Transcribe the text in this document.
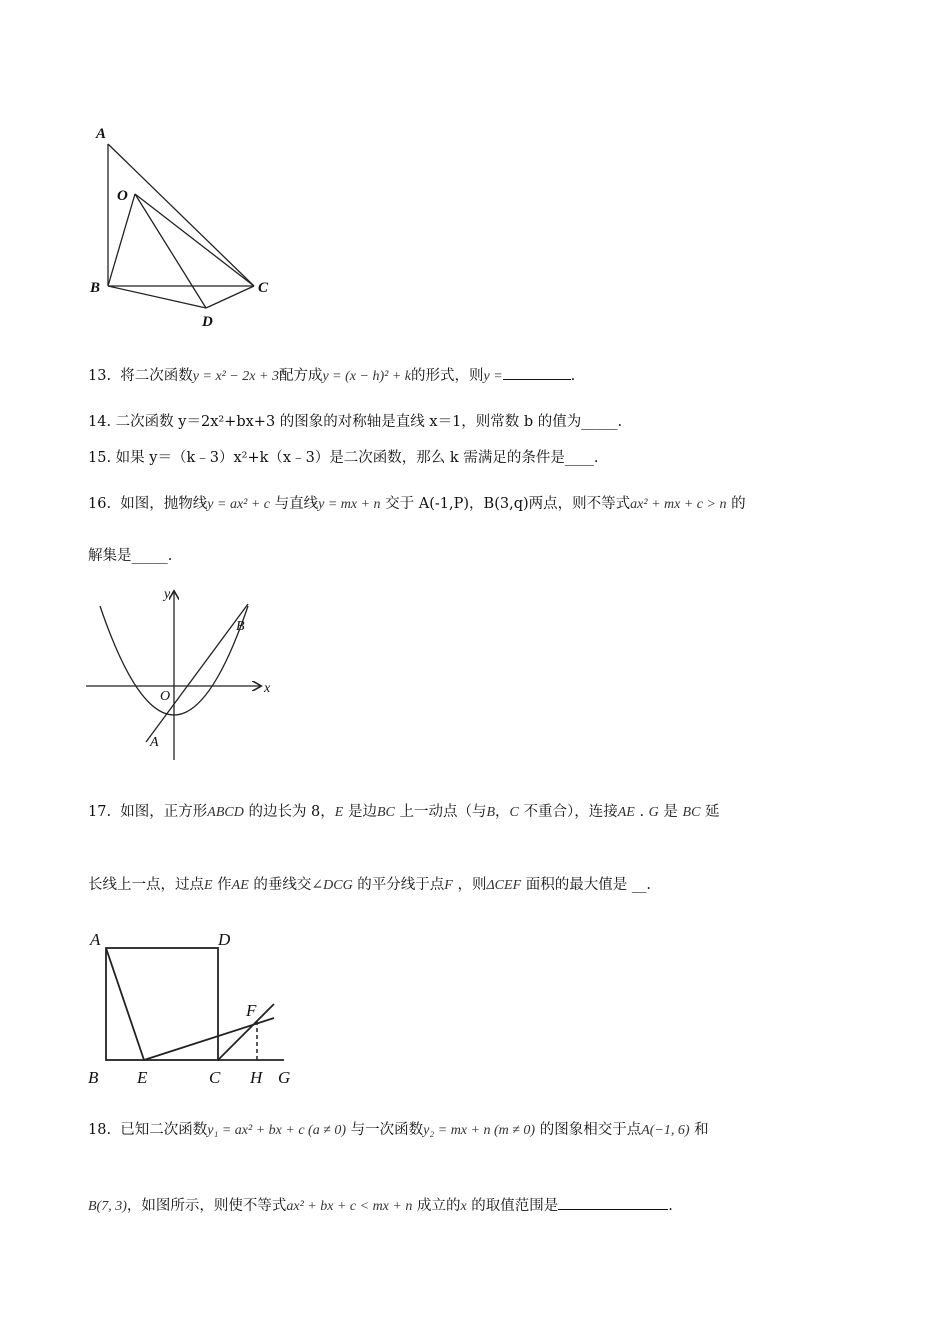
A
O
B	C
D
13. 将二次函数y = x² − 2x + 3配方成y = (x − h)² + k的形式，则y =	.
14. 二次函数 y＝2x²+bx+3 的图象的对称轴是直线 x＝1，则常数 b 的值为_____.
15. 如果 y＝（k﹣3）x²+k（x﹣3）是二次函数，那么 k 需满足的条件是____.
16. 如图，抛物线y = ax² + c 与直线y = mx + n 交于 A(-1,P)，B(3,q)两点，则不等式ax² + mx + c > n 的
解集是_____.
y
x
O
A
B
17. 如图，正方形ABCD 的边长为 8，E 是边BC 上一动点（与B，C 不重合），连接AE . G 是 BC 延
长线上一点，过点E 作AE 的垂线交∠DCG 的平分线于点F ，则ΔCEF 面积的最大值是 __.
A	D
F
B E	C H G
18. 已知二次函数y₁ = ax² + bx + c (a ≠ 0) 与一次函数y₂ = mx + n (m ≠ 0) 的图象相交于点A(−1, 6) 和
B(7, 3)，如图所示，则使不等式ax² + bx + c < mx + n 成立的x 的取值范围是	.
